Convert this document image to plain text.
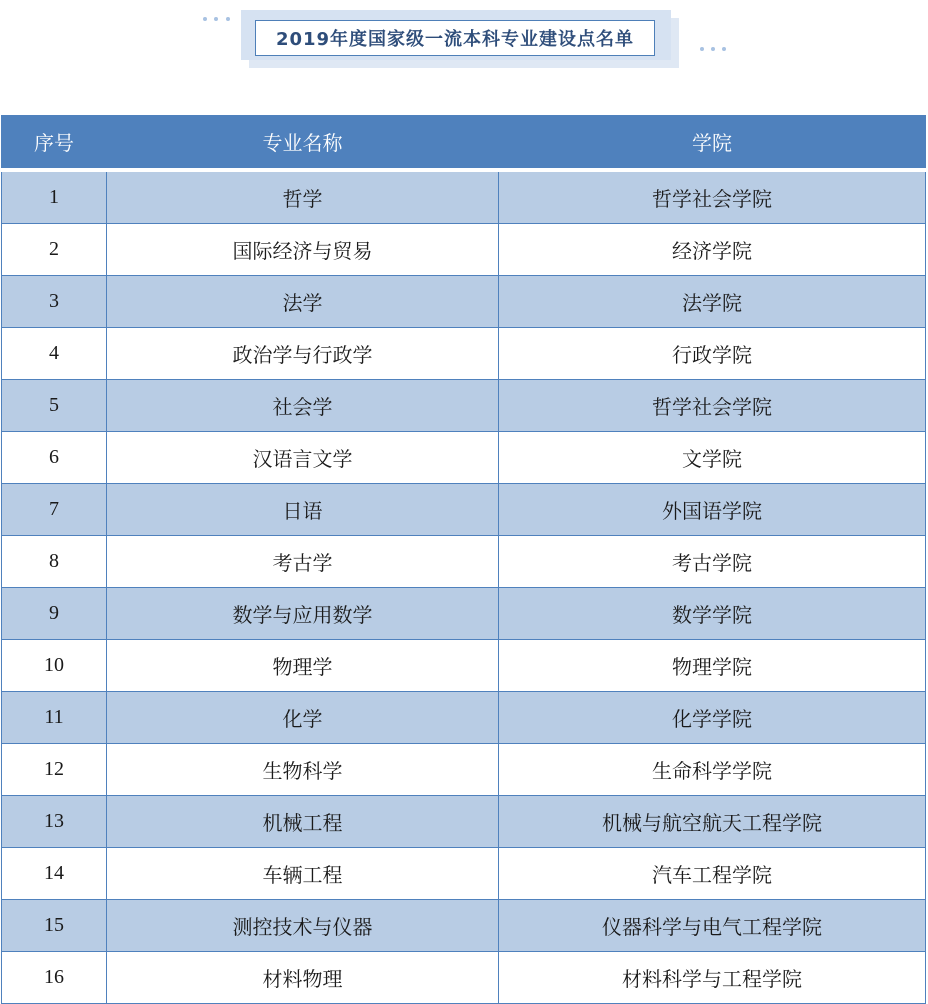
2019年度国家级一流本科专业建设点名单
序号	专业名称	学院
1	哲学	哲学社会学院
2	国际经济与贸易	经济学院
3	法学	法学院
4	政治学与行政学	行政学院
5	社会学	哲学社会学院
6	汉语言文学	文学院
7	日语	外国语学院
8	考古学	考古学院
9	数学与应用数学	数学学院
10	物理学	物理学院
11	化学	化学学院
12	生物科学	生命科学学院
13	机械工程	机械与航空航天工程学院
14	车辆工程	汽车工程学院
15	测控技术与仪器	仪器科学与电气工程学院
16	材料物理	材料科学与工程学院
